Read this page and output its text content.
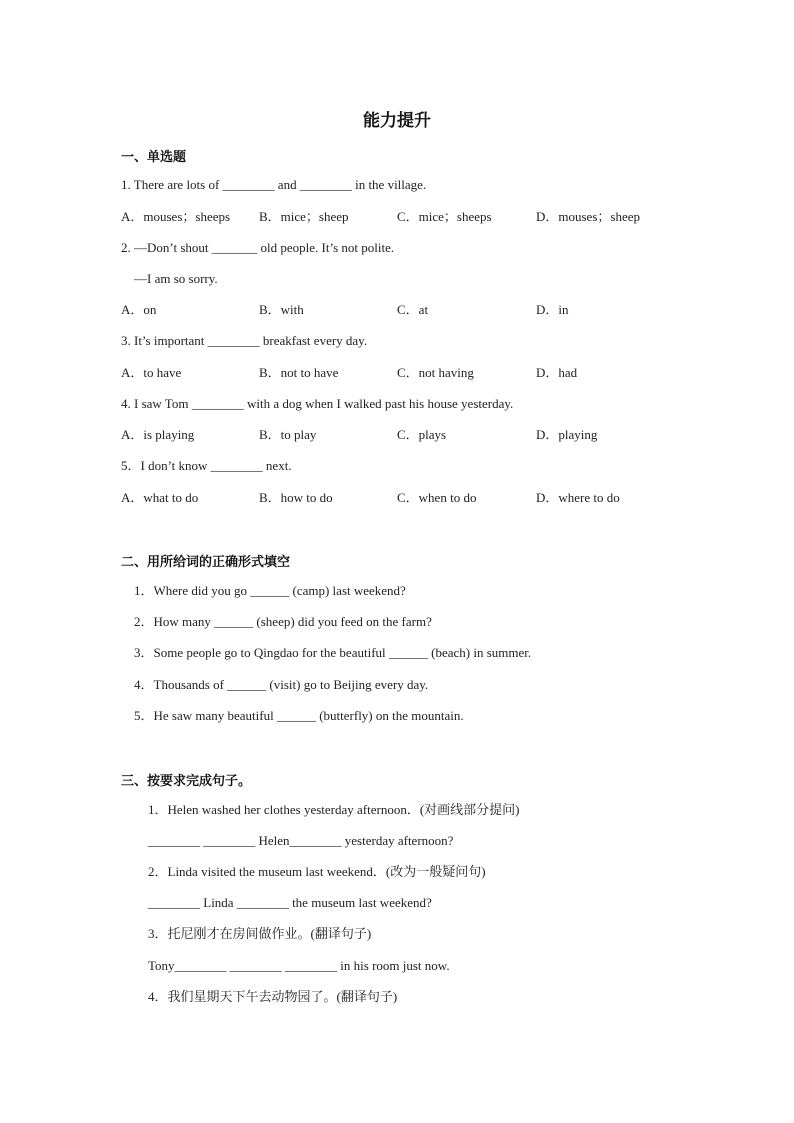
能力提升
一、单选题
1. There are lots of ________ and ________ in the village.
A．mouses；sheeps B．mice；sheep	C．mice；sheeps	D．mouses；sheep
2. —Don’t shout _______ old people. It’s not polite.
—I am so sorry.
A．on	B．with	C．at	D．in
3. It’s important ________ breakfast every day.
A．to have	B．not to have	C．not having	D．had
4. I saw Tom ________ with a dog when I walked past his house yesterday.
A．is playing	B．to play	C．plays	D．playing
5．I don’t know ________ next.
A．what to do	B．how to do	C．when to do	D．where to do
二、用所给词的正确形式填空
1．Where did you go ______ (camp) last weekend?
2．How many ______ (sheep) did you feed on the farm?
3．Some people go to Qingdao for the beautiful ______ (beach) in summer.
4．Thousands of ______ (visit) go to Beijing every day.
5．He saw many beautiful ______ (butterfly) on the mountain.
三、按要求完成句子。
1．Helen washed her clothes yesterday afternoon．(对画线部分提问)
________ ________ Helen________ yesterday afternoon?
2．Linda visited the museum last weekend．(改为一般疑问句)
________ Linda ________ the museum last weekend?
3．托尼刚才在房间做作业。(翻译句子)
Tony________ ________ ________ in his room just now.
4．我们星期天下午去动物园了。(翻译句子)
